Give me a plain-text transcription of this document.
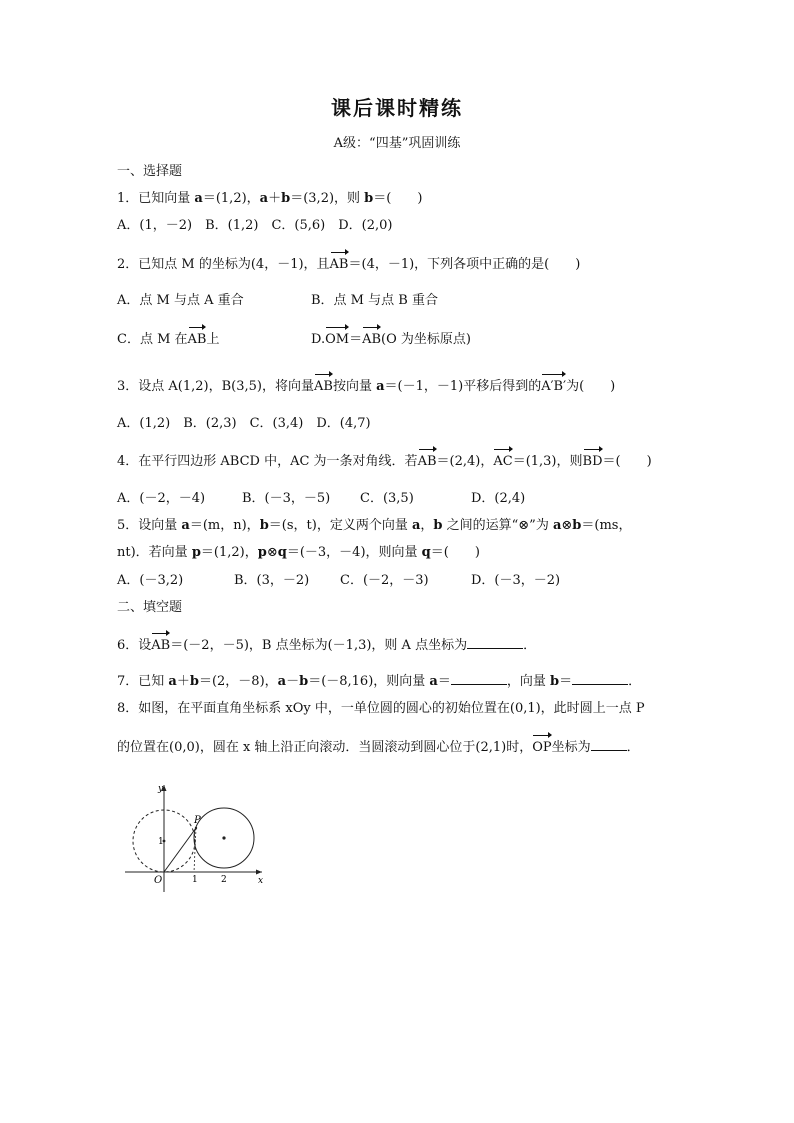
课后课时精练
A级：“四基”巩固训练
一、选择题
1．已知向量 a＝(1,2)，a＋b＝(3,2)，则 b＝(　　)
A．(1，－2)　B．(1,2)　C．(5,6)　D．(2,0)
2．已知点 M 的坐标为(4，－1)，且AB＝(4，－1)，下列各项中正确的是(　　)
A．点 M 与点 A 重合	B．点 M 与点 B 重合
C．点 M 在AB上	D.OM＝AB(O 为坐标原点)
3．设点 A(1,2)，B(3,5)，将向量AB按向量 a＝(－1，－1)平移后得到的A′B′为(　　)
A．(1,2)　B．(2,3)　C．(3,4)　D．(4,7)
4．在平行四边形 ABCD 中，AC 为一条对角线．若AB＝(2,4)，AC＝(1,3)，则BD＝(　　)
A．(－2，－4)	B．(－3，－5) C．(3,5)	D．(2,4)
5．设向量 a＝(m，n)，b＝(s，t)，定义两个向量 a，b 之间的运算“⊗”为 a⊗b＝(ms，
nt)．若向量 p＝(1,2)，p⊗q＝(－3，－4)，则向量 q＝(　　)
A．(－3,2)	B．(3，－2) C．(－2，－3)	D．(－3，－2)
二、填空题
6．设AB＝(－2，－5)，B 点坐标为(－1,3)，则 A 点坐标为	．
7．已知 a＋b＝(2，－8)，a－b＝(－8,16)，则向量 a＝	，向量 b＝	．
8．如图，在平面直角坐标系 xOy 中，一单位圆的圆心的初始位置在(0,1)，此时圆上一点 P
的位置在(0,0)，圆在 x 轴上沿正向滚动．当圆滚动到圆心位于(2,1)时，OP坐标为	．
y
x
O
P
1
1	2
